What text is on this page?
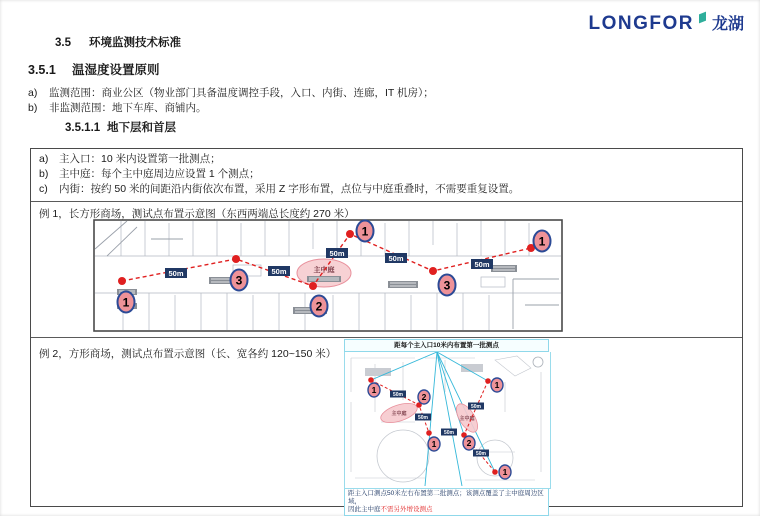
LONGFOR 龙湖
3.5 环境监测技术标准
3.5.1 温湿度设置原则
a) 监测范围：商业公区（物业部门具备温度调控手段，入口、内街、连廊，IT 机房）；
b) 非监测范围：地下车库、商铺内。
3.5.1.1 地下层和首层
a) 主入口：10 米内设置第一批测点；
b) 主中庭：每个主中庭周边应设置 1 个测点；
c) 内街：按约 50 米的间距沿内街依次布置，采用 Z 字形布置，点位与中庭重叠时，不需要重复设置。
例 1，长方形商场，测试点布置示意图（东西两端总长度约 270 米）
主中庭
50m	50m
50m
50m
50m
1
3
2
1
3
1
例 2，方形商场，测试点布置示意图（长、宽各约 120~150 米）
距每个主入口10米内布置第一批测点
主中庭
主中庭
50m
50m
50m
50m
50m
1
2
1	2
1
1
距主入口测点50米左右布置第二批测点；该测点覆盖了主中庭周边区域，
因此主中庭不需另外增设测点
